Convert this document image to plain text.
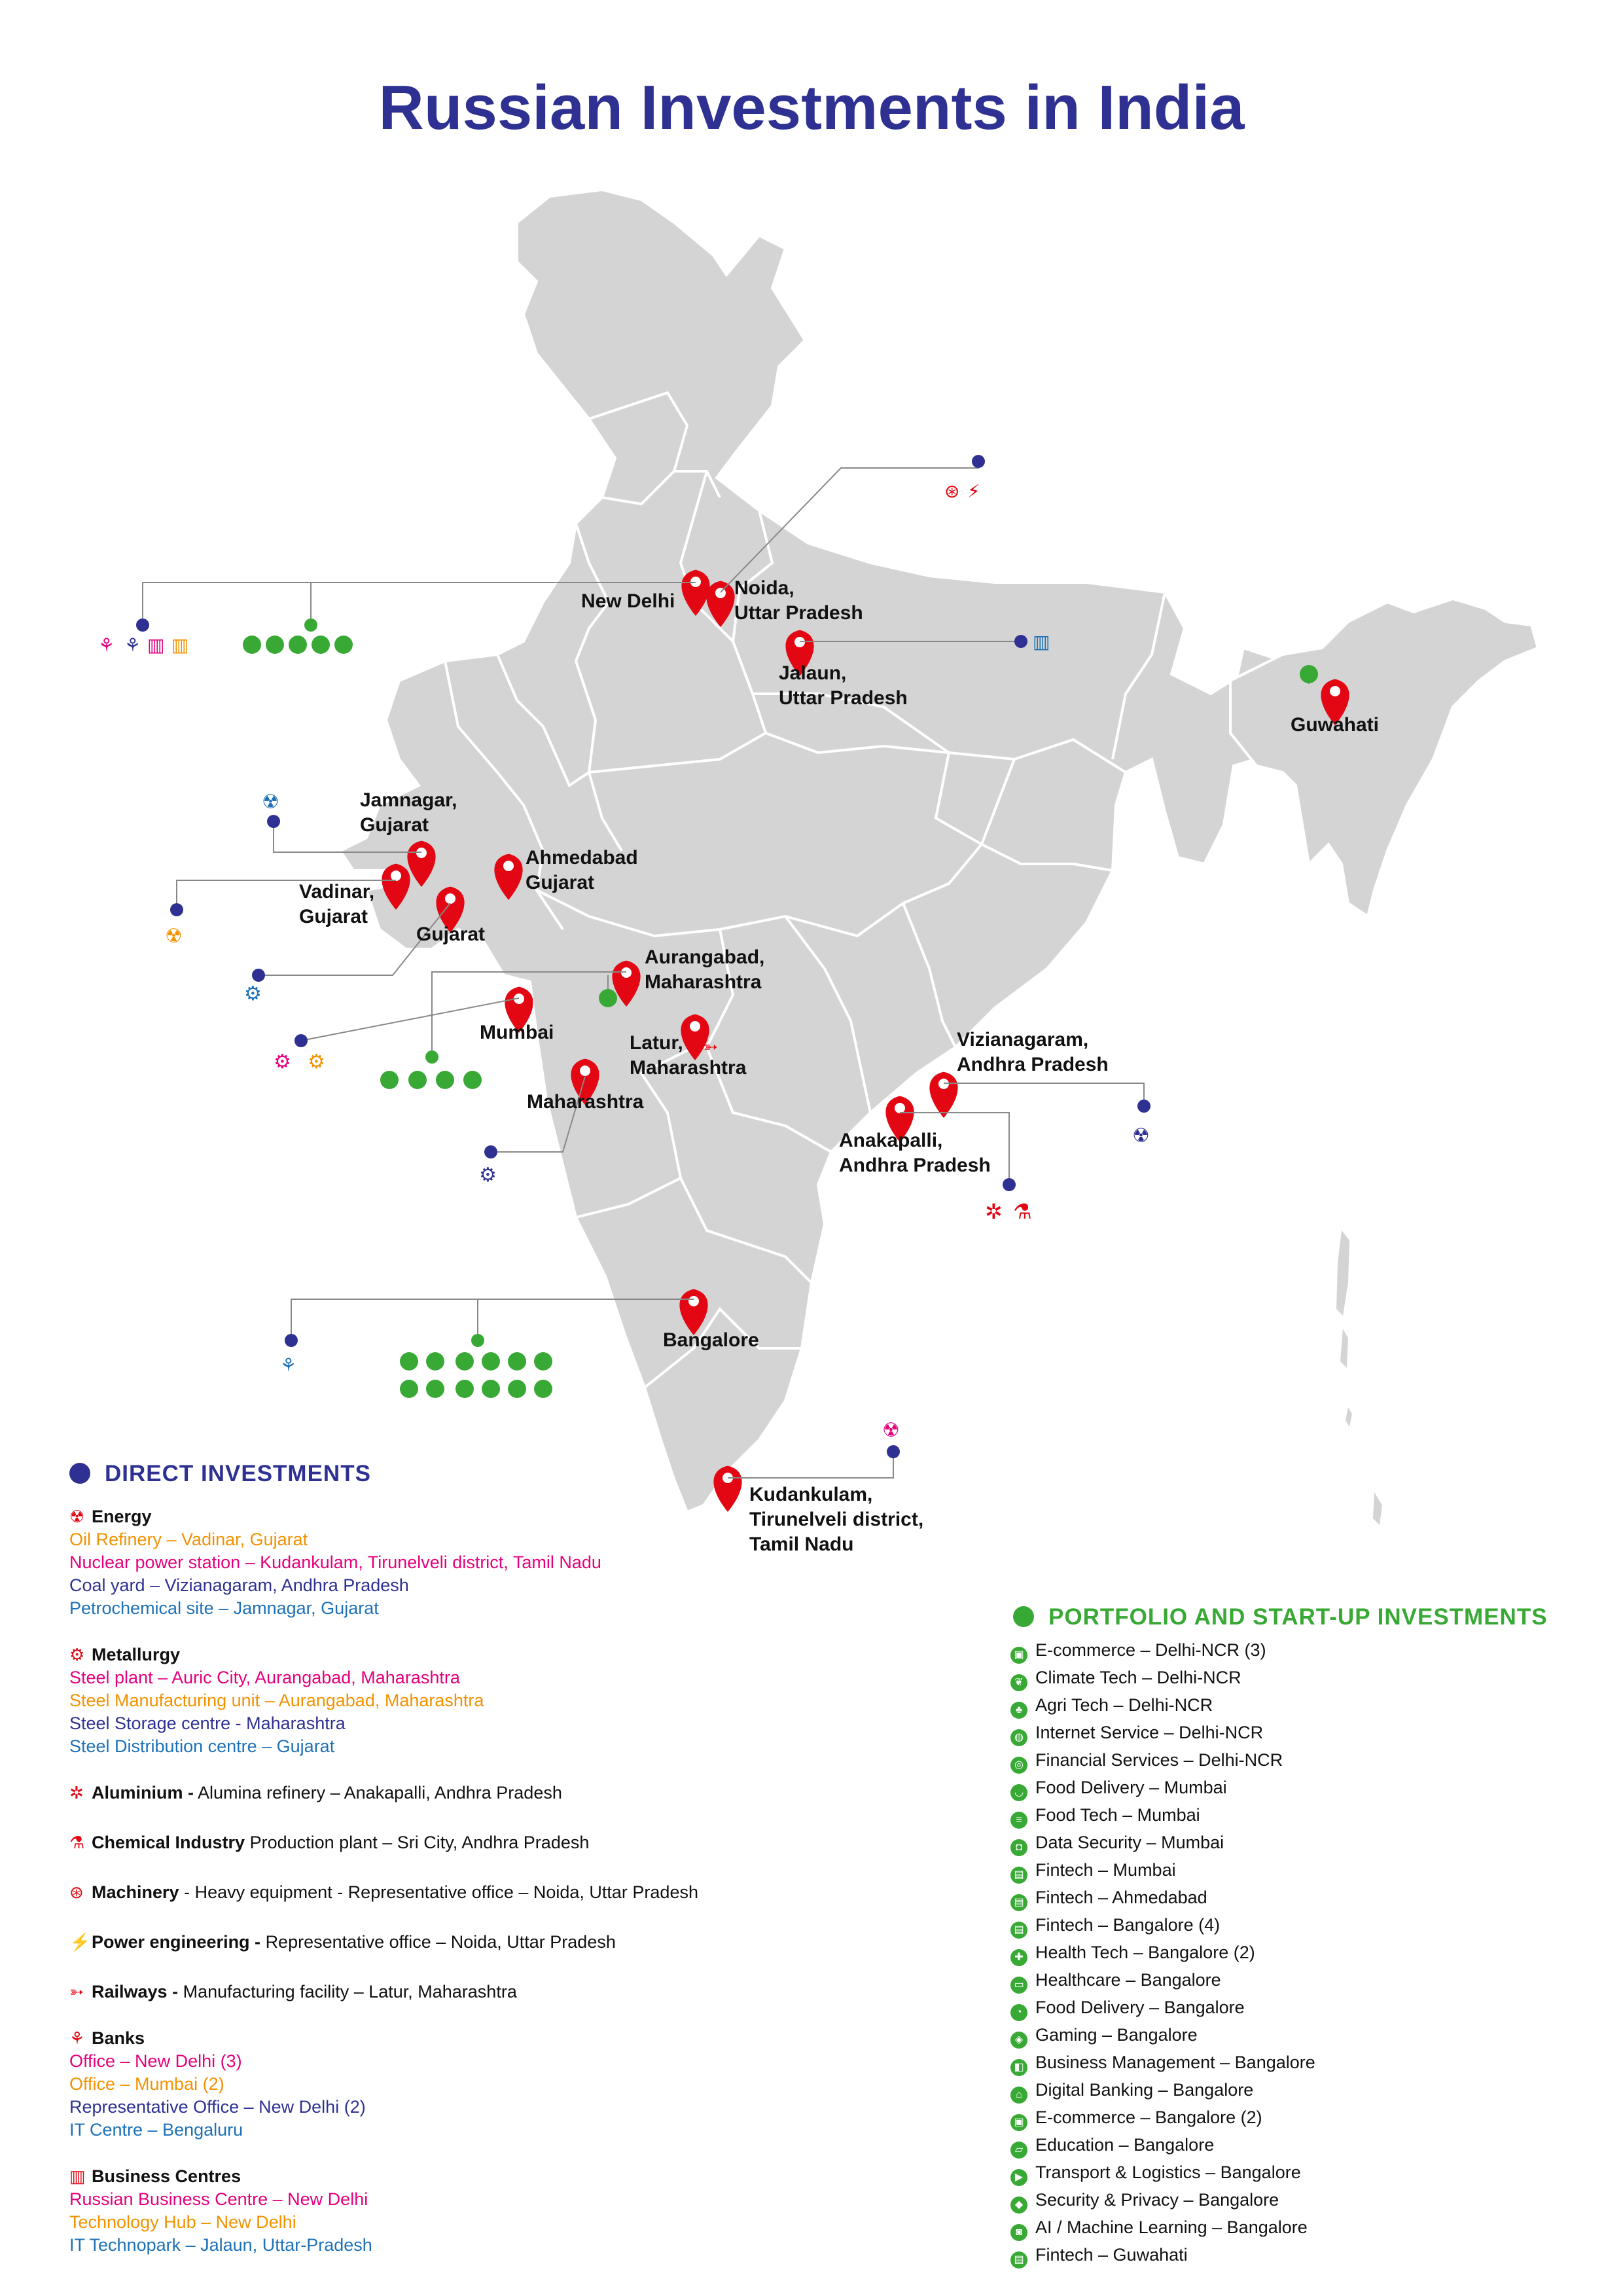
Russian Investments in India
⚘ ⚘ ▥ ▥
⊛ ⚡
▥
☢
☢
⚙
⚙ ⚙
➳
⚙
☢
✲ ⚗
⚘
☢
New Delhi
Noida, Uttar Pradesh
Jalaun, Uttar Pradesh
Guwahati
Jamnagar, Gujarat
Ahmedabad Gujarat
Vadinar, Gujarat
Gujarat
Aurangabad, Maharashtra
Mumbai	Latur, Maharashtra
Maharashtra
Vizianagaram, Andhra Pradesh
Anakapalli, Andhra Pradesh
Bangalore
Kudankulam, Tirunelveli district, Tamil Nadu
DIRECT INVESTMENTS
☢ Energy
Oil Refinery – Vadinar, Gujarat
Nuclear power station – Kudankulam, Tirunelveli district, Tamil Nadu
Coal yard – Vizianagaram, Andhra Pradesh
Petrochemical site – Jamnagar, Gujarat
⚙ Metallurgy
Steel plant – Auric City, Aurangabad, Maharashtra
Steel Manufacturing unit – Aurangabad, Maharashtra
Steel Storage centre - Maharashtra
Steel Distribution centre – Gujarat
✲ Aluminium - Alumina refinery – Anakapalli, Andhra Pradesh
⚗ Chemical Industry Production plant – Sri City, Andhra Pradesh
⊛ Machinery - Heavy equipment - Representative office – Noida, Uttar Pradesh
⚡Power engineering - Representative office – Noida, Uttar Pradesh
➳ Railways - Manufacturing facility – Latur, Maharashtra
⚘ Banks
Office – New Delhi (3)
Office – Mumbai (2)
Representative Office – New Delhi (2)
IT Centre – Bengaluru
▥ Business Centres
Russian Business Centre – New Delhi
Technology Hub – New Delhi
IT Technopark – Jalaun, Uttar-Pradesh
PORTFOLIO AND START-UP INVESTMENTS
▣ E-commerce – Delhi-NCR (3)
❦ Climate Tech – Delhi-NCR
♣ Agri Tech – Delhi-NCR
◍ Internet Service – Delhi-NCR
◎ Financial Services – Delhi-NCR
◡ Food Delivery – Mumbai
≡ Food Tech – Mumbai
◘ Data Security – Mumbai
▤ Fintech – Mumbai
▤ Fintech – Ahmedabad
▤ Fintech – Bangalore (4)
✚ Health Tech – Bangalore (2)
▭ Healthcare – Bangalore
◔ Food Delivery – Bangalore
◈ Gaming – Bangalore
◧ Business Management – Bangalore
⌂ Digital Banking – Bangalore
▣ E-commerce – Bangalore (2)
▱ Education – Bangalore
▶ Transport & Logistics – Bangalore
◆ Security & Privacy – Bangalore
◙ AI / Machine Learning – Bangalore
▤ Fintech – Guwahati
